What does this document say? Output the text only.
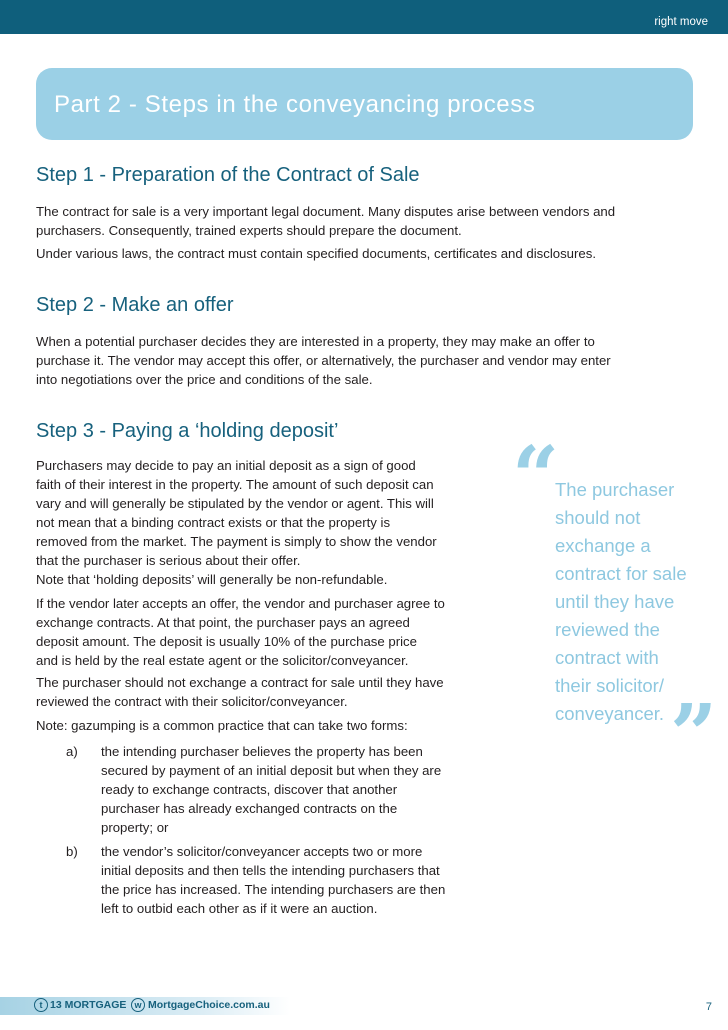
right move
Part 2 - Steps in the conveyancing process
Step 1 - Preparation of the Contract of Sale
The contract for sale is a very important legal document. Many disputes arise between vendors and
purchasers. Consequently, trained experts should prepare the document.
Under various laws, the contract must contain specified documents, certificates and disclosures.
Step 2 - Make an offer
When a potential purchaser decides they are interested in a property, they may make an offer to
purchase it. The vendor may accept this offer, or alternatively, the purchaser and vendor may enter
into negotiations over the price and conditions of the sale.
Step 3 - Paying a ‘holding deposit’
Purchasers may decide to pay an initial deposit as a sign of good
faith of their interest in the property. The amount of such deposit can
vary and will generally be stipulated by the vendor or agent. This will
not mean that a binding contract exists or that the property is
removed from the market. The payment is simply to show the vendor
that the purchaser is serious about their offer.
Note that ‘holding deposits’ will generally be non-refundable.
If the vendor later accepts an offer, the vendor and purchaser agree to
exchange contracts. At that point, the purchaser pays an agreed
deposit amount. The deposit is usually 10% of the purchase price
and is held by the real estate agent or the solicitor/conveyancer.
The purchaser should not exchange a contract for sale until they have
reviewed the contract with their solicitor/conveyancer.
Note: gazumping is a common practice that can take two forms:
a) the intending purchaser believes the property has been
secured by payment of an initial deposit but when they are
ready to exchange contracts, discover that another
purchaser has already exchanged contracts on the
property; or
b) the vendor’s solicitor/conveyancer accepts two or more
initial deposits and then tells the intending purchasers that
the price has increased. The intending purchasers are then
left to outbid each other as if it were an auction.
“
The purchaser
should not
exchange a
contract for sale
until they have
reviewed the
contract with
their solicitor/
conveyancer. ”
t 13 MORTGAGE w MortgageChoice.com.au	7
